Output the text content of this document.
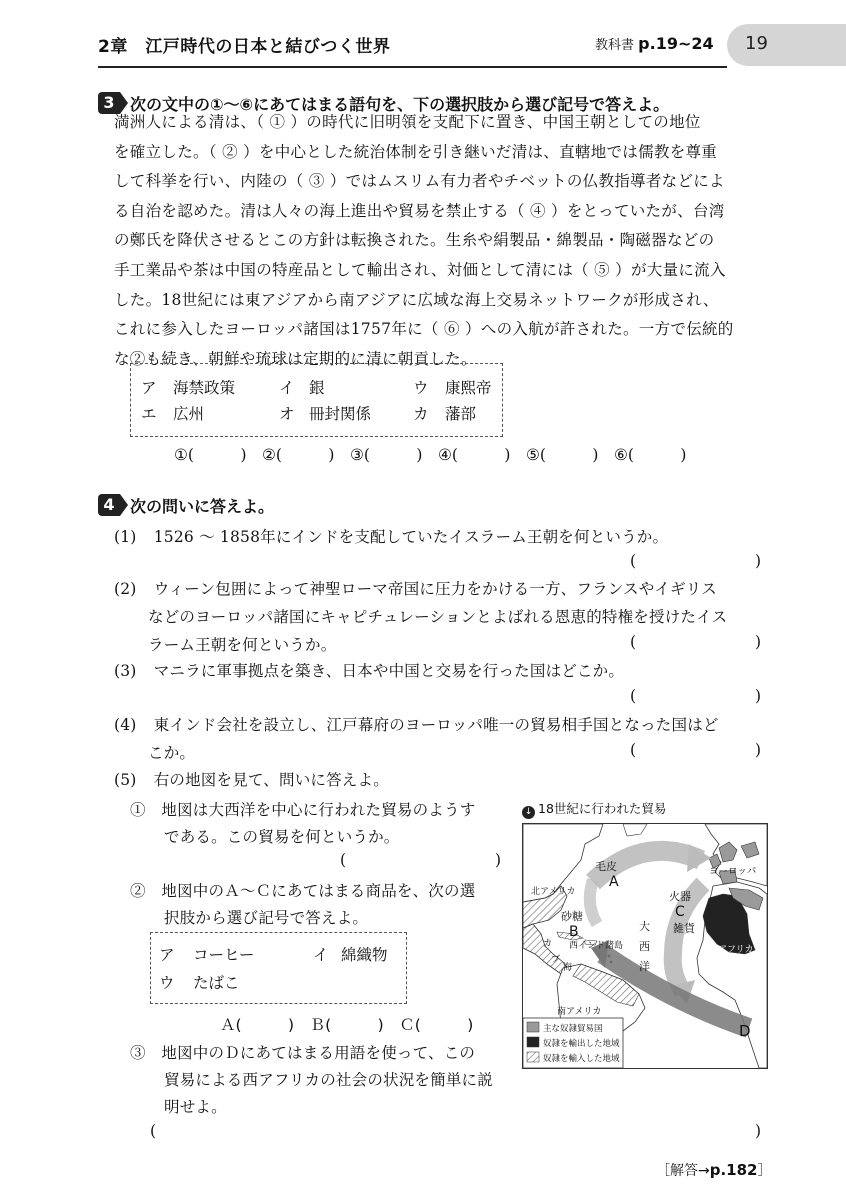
2章　江戸時代の日本と結びつく世界	教科書 p.19~24 19
3 次の文中の①～⑥にあてはまる語句を、下の選択肢から選び記号で答えよ。

満洲人による清は、（ ① ）の時代に旧明領を支配下に置き、中国王朝としての地位

を確立した。（ ② ）を中心とした統治体制を引き継いだ清は、直轄地では儒教を尊重

して科挙を行い、内陸の（ ③ ）ではムスリム有力者やチベットの仏教指導者などによ

る自治を認めた。清は人々の海上進出や貿易を禁止する（ ④ ）をとっていたが、台湾

の鄭氏を降伏させるとこの方針は転換された。生糸や絹製品・綿製品・陶磁器などの

手工業品や茶は中国の特産品として輸出され、対価として清には（ ⑤ ）が大量に流入

した。18世紀には東アジアから南アジアに広域な海上交易ネットワークが形成され、

これに参入したヨーロッパ諸国は1757年に（ ⑥ ）への入航が許された。一方で伝統的

な②も続き、朝鮮や琉球は定期的に清に朝貢した。

ア	海禁政策	イ 銀	ウ	康熙帝
エ	広州	オ 冊封関係	カ	藩部
①(　　　)　②(　　　)　③(　　　)　④(　　　)　⑤(　　　)　⑥(　　　)
4 次の問いに答えよ。
(1) 1526 ～ 1858年にインドを支配していたイスラーム王朝を何というか。
(	)
(2) ウィーン包囲によって神聖ローマ帝国に圧力をかける一方、フランスやイギリス
などのヨーロッパ諸国にキャピチュレーションとよばれる恩恵的特権を授けたイス
ラーム王朝を何というか。	(	)
(3) マニラに軍事拠点を築き、日本や中国と交易を行った国はどこか。
(	)
(4) 東インド会社を設立し、江戸幕府のヨーロッパ唯一の貿易相手国となった国はど
こか。	(	)
(5) 右の地図を見て、問いに答えよ。
①　地図は大西洋を中心に行われた貿易のようす
である。この貿易を何というか。
(	)
②　地図中のＡ～Ｃにあてはまる商品を、次の選
択肢から選び記号で答えよ。
ア	コーヒー	イ 綿織物
ウ	たばこ
Ａ(　　　)　Ｂ(　　　)　Ｃ(　　　)
③　地図中のＤにあてはまる用語を使って、この
貿易による西アフリカの社会の状況を簡単に説
明せよ。
(	)
↓ 18世紀に行われた貿易
北アメリカ
毛皮
A
ヨーロッパ
火器
C
雑貨
砂糖
B
西インド諸島
大
西
洋
カ
ブ
海
西アフリカ
南アメリカ
D
主な奴隷貿易国
奴隷を輸出した地域
奴隷を輸入した地域
［解答→p.182］
